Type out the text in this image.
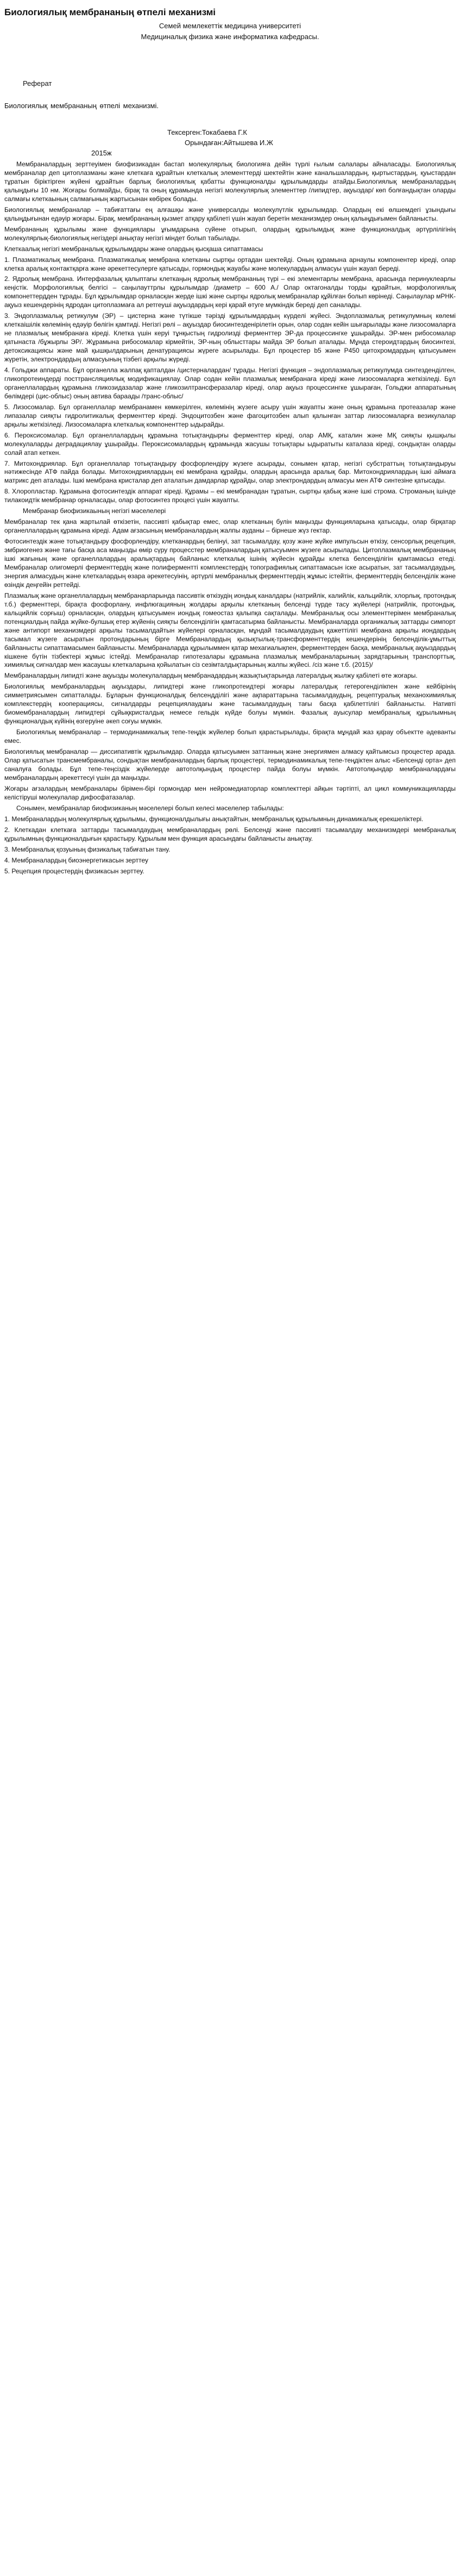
Биологиялық мембрананың өтпелі механизмі

Семей мемлекеттік медицина университеті

Медициналық физика және информатика кафедрасы.

Реферат

Биологиялық мембрананың өтпелі механизмі.

Тексерген:Токабаева Г.К

Орындаған:Айтышева И.Ж

2015ж

Мембраналардың зерттеуімен биофизикадан бастап молекулярлық биологияға дейін түрлі ғылым салалары айналасады. Биологиялық мембраналар деп цитоплазманы және клеткаға құрайтын клеткалық элементтерді шектейтін және канальшалардың, қыртыстардың, қуыстардан тұратын біріктірген жүйені құрайтын барлық биологиялық қабатты функционалды құрылымдарды атайды.Биологиялық мембраналардың қалыңдығы 10 нм. Жоғары болмайды, бірақ та оның құрамында негізгі молекулярлық элементтер /липидтер, ақуыздар/ көп болғандықтан оларды салмағы клеткаының салмағының жартысынан көбірек болады.

Биологиялық мембраналар – табиғаттағы ең алғашқы және универсалды молекулүтлік құрылымдар. Олардың екі өлшемдегі ұзындығы қалыңдығынан едәуір жоғары. Бірақ, мембрананың қызмет атқару қабілеті үшін жауап беретін механизмдер оның қалыңдығымен байланысты.

Мембрананың құрылымы және функциялары ұғымдарына сүйене отырып, олардың құрылымдық және функционалдық әртүрлілігінің молекулярлық-биологиялық негіздері анықтау негізгі міндет болып табылады.

Клеткаалық негізгі мембраналық құрылымдары және олардың қысқаша сипаттамасы

1. Плазматикалық мембрана. Плазматикалық мембрана клетканы сыртқы ортадан шектейді. Оның құрамына арнаулы компонентер кіреді, олар клетка аралық контактқарға және әрекеттесулерге қатысады, гормондық жауабы және молекулардың алмасуы үшін жауап береді.

2. Ядролық мембрана. Интерфазалық қалыптағы клеткаңың ядролық мембрананың түрі – екі элементарлы мембрана, арасында перинуклеарлы кеңістік. Морфологиялық белгісі – саңылауттрлы құрылымдар /диаметр – 600 А./ Олар октагоналды торды құрайтын, морфологиялық компонеттердден тұрады. Бұл құрылымдар орналасқан жерде ішкі және сыртқы ядролық мембраналар құйілған болып көрінеді. Саңылаулар мРНК-ақуыз кешендерінің ядродан цитоплазмаға ал ретгеуші ақуыздардың кері қарай өтуге мүмкіндік береді деп саналады.

3. Эндоплазмалық ретикулум (ЭР) – цистерна және түтікше тәрізді құрылымдардың күрделі жүйесі. Эндоплазмалық ретикулумның көлемі клеткаішілік көлемінің едәуір бөлігін қамтиді. Негізгі рөлі – ақуыздар биосинтезденірілетін орын, олар содан кейін шығарылады және лизосомаларға не плазмалық мембранаға кіреді. Клетка үшін керуі тұнқыстың гидролизді ферменттер ЭР-да процессингке ұшырайды. ЭР-мен рибосомалар қатынаста /бұжырлы ЭР/. Жұрамына рибосомалар кірмейтін, ЭР-ның облысттары майда ЭР болып аталады. Мұнда стероидтардың биосинтезі, детоксикациясы және май қышқылдарының денатурациясы жүреге асырылады. Бұл процестер b5 және Р450 цитохромдардың қатысуымен жүретін, электрондардың алмасуының тізбегі арқылы жүреді.

4. Гольджи аппараты. Бұл органелла жалпақ қапталдан /цистерналардан/ тұрады. Негізгі функция – эндоплазмалық ретикулумда синтезденділген, гликопротеиндерді посттрансляциялық модификациялау. Олар содан кейін плазмалық мембранаға кіреді және лизосомаларға жеткізіледі. Бұл органеллалардың құрамына гликозидазалар және гликозилтрансферазалар кіреді, олар ақуыз процессингке ұшыраған, Гольджи аппаратының бөлімдері (цис-облыс) оның автива бараады /транс-облыс/

5. Лизосомалар. Бұл органеллалар мембранамен көмкерілген, көлемінің жүзеге асыру үшін жауапты және оның құрамына протеазалар және липазалар сияқты гидролитикалық ферменттер кіреді. Эндоцитозбен және фагоцитозбен алып қалынған заттар лизосомаларға везикулалар арқылы жеткізіледі. Лизосомаларға клеткалық компоненттер ыдырайды.

6. Пероксисомалар. Бұл органеллалардың құрамына тотықтандырғы ферменттер кіреді, олар АМҚ, каталин және МҚ сияқты қышқылы молекулаларды деградациялау ұшырайды. Пероксисомалардың құрамында жасушы тотықтары ыдыратыты каталаза кіреді, сондықтан оларды солай атап кеткен.

7. Митохондриялар. Бұл органеллалар тотықтандыру фосфорлендіру жүзеге асырады, сонымен қатар, негізгі субстраттың тотықтандыруы нәтижесінде АТФ пайда болады. Митохондриялардың екі мембрана құрайды, олардың арасында аралық бар. Митохондриялардың ішкі аймаға матрикс деп аталады. Ішкі мембрана кристалар деп аталатын дамдарлар құрайды, олар электрондардың алмасуы мен АТФ синтезіне қатысады.

8. Хлоропластар. Құрамына фотосинтездік аппарат кіреді. Құрамы – екі мембранадан тұратын, сыртқы қабық және ішкі строма. Строманың ішінде тилакоидтік мембранар орналасады, олар фотосинтез процесі үшін жауапты.

Мембранар биофизикаының негізгі мәселелері

Мембраналар тек қана жартылай өткізетін, пассивті қабықтар емес, олар клетканың булін маңызды функцияларына қатысады, олар бірқатар органеллалардың құрамына кіреді. Адам ағзасының мембраналардың жалпы ауданы – бірнеше жүз гектар.

Фотосинтездік және тотықтандыру фосфорлендіру, клетканардың белінуі, зат тасымалдау, қозу және жүйке импульсын өткізу, сенсорлық рецепция, эмбриогенез және тағы басқа аса маңызды өмір сүру процесстер мембраналардың қатысуымен жүзеге асырылады. Цитоплазмалық мембрананың ішкі жағының және органеллалардың аралықтардың байланыс клеткалық ішінің жүйесін құрайды клетка белсенділігін қамтамасыз етеді. Мембраналар олигомерлі ферменттердің және полиферментті комплекстердің топографиялық сипаттамасын іске асыратын, зат тасымалдаудың, энергия алмасудың және клеткалардың өзара әрекетесуінің, әртүрлі мембраналық ферменттердің жұмыс істейтін, ферменттердің белсенділік және өзіндік деңгейін реттейді.

Плазмалық және органеллалардың мембранарларында пассивтік өткізудің иондық каналдары (натрийлік, калийлік, кальцийлік, хлорлық, протондық т.б.) ферменттері, бірақта фосфорлану, инфлюгацияның жолдары арқылы клетканың белсенді түрде тасу жүйелері (натрийлік, протондық, кальцийлік сорғыш) орналасқан, олардың қатысуымен иондық гомеостаз қалыпқа сақталады. Мембраналық осы элементтерімен мембраналық потенциалдың пайда жүйке-булшық етер жүйенің сияқты белсенділігін қамтасатырма байланысты. Мембраналарда органикалық заттарды симпорт және антипорт механизмдері арқылы тасымалдайтын жүйелері орналасқан, мұндай тасымалдаудың қажеттілігі мембрана арқылы иондардың тасымал жүзеге асыратын протондарының бірге Мембраналардың қызықтылық-трансформенттердің кешендерінің белсенділік-ұмыттық байланысты сипаттамасымен байланысты. Мембраналарда құрылыммен қатар мехагиалықпен, ферменттерден басқа, мембраналық ақуыздардың кішкене бүтін тізбектері жұмыс істейді. Мембраналар гипотезалары құрамына плазмалық мембраналарының зарядтарының транспорттық, химиялық сигналдар мен жасаушы клеткаларына қойылатын сіз сезімталдықтарының жалпы жүйесі. /сіз және т.б. (2015)/

Мембраналардың липидті және ақуызды молекулалардың мембранадардың жазықтықтарында латералдық жылжу қабілеті өте жоғары.

Биологиялық мембраналардың ақуыздары, липидтері және гликопротеидтері жоғары латералдық гетерогенділікпен және кейбірінің симметриясымен сипатталады. Бұларын функционалдық белсендділігі және ақпараттарына тасымалдаудың, рецептуралық механохимиялық комплекстердің кооперациясы, сигналдарды рецепциялаудағы және тасымалдаудың тағы басқа қабілеттілігі байланысты. Нативті биомембраналардың липидтері сұйықкристалдық немесе гельдік күйде болуы мүмкін. Фазалық ауысулар мембраналық құрылымның функционалдық күйінің өзгеруіне әкеп соғуы мүмкін.

Биологиялық мембраналар – термодинамикалық тепе-теңдік жүйелер болып қарастырылады, бірақта мұндай жаз қарау объектте әдеванты емес.

Биологиялық мембраналар — диссипативтік құрылымдар. Оларда қатысуымен заттанның және энергиямен алмасу қайтымсыз процестер арада. Олар қатысатын трансмембраналы, сондықтан мембраналардың барлық процестері, термодинамикалық тепе-теңдіктен алыс «Белсенді орта» деп саналуға болады. Бұл тепе-теңсіздік жүйелерде автотолқындық процестер пайда болуы мүмкін. Автотолқындар мембраналардағы мембраналардың әрекеттесуі үшін да маңызды.

Жоғары ағзалардың мембраналары бірімен-бірі гормондар мен нейромедиаторлар комплекттері айқын тәртіпті, ал цикл коммуникацияларды келістіруші молекулалар дифосфатазалар.

Сонымен, мембраналар биофизиканың мәселелері болып келесі мәселелер табылады:

1. Мембраналардың молекулярлық құрылымы, функционалдылығы анықтайтын, мембраналық құрылымның динамикалық ерекшеліктері.

2. Клеткадан клеткаға заттарды тасымалдаудың мембраналардың рөлі. Белсенді және пассивті тасымалдау механизмдері мембраналық құрылымның функционалдығын қарастыру. Құрылым мен функция арасындағы байланысты анықтау.

3. Мембраналық қозуының физикалық табиғатын тану.

4. Мембраналардың биоэнергетикасын зерттеу

5. Рецепция процестердің физикасын зерттеу.
